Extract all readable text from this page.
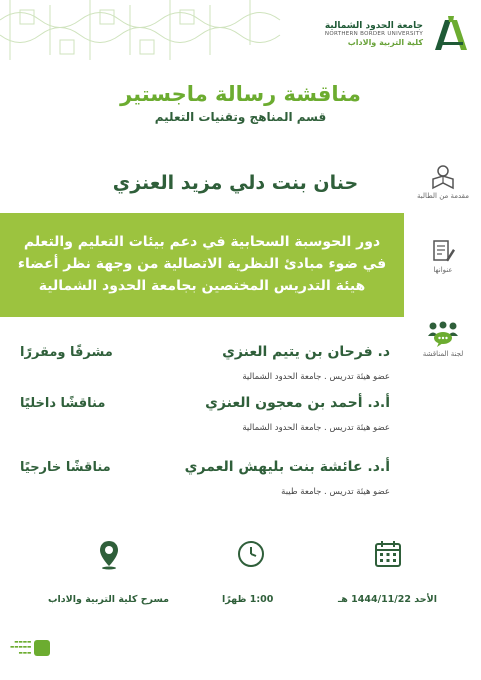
جامعة الحدود الشمالية
NORTHERN BORDER UNIVERSITY
كلية التربية والاداب
مناقشة رسالة ماجستير
قسم المناهج وتقنيات التعليم
حنان بنت دلي مزيد العنزي
مقدمة من الطالبة
دور الحوسبة السحابية في دعم بيئات التعليم والتعلم
في ضوء مبادئ النظرية الاتصالية من وجهة نظر أعضاء
هيئة التدريس المختصين بجامعة الحدود الشمالية
عنوانها
لجنة المناقشة
د. فرحان بن يتيم العنزي
مشرفًا ومقررًا
عضو هيئة تدريس . جامعة الحدود الشمالية
أ.د. أحمد بن معجون العنزي
مناقشًا داخليًا
عضو هيئة تدريس . جامعة الحدود الشمالية
أ.د. عائشة بنت بليهش العمري
مناقشًا خارجيًا
عضو هيئة تدريس . جامعة طيبة
مسرح كلية التربية والاداب	1:00 ظهرًا	الأحد 1444/11/22 هـ
▬▬▬▬
▬▬▬▬▬
▬▬▬
